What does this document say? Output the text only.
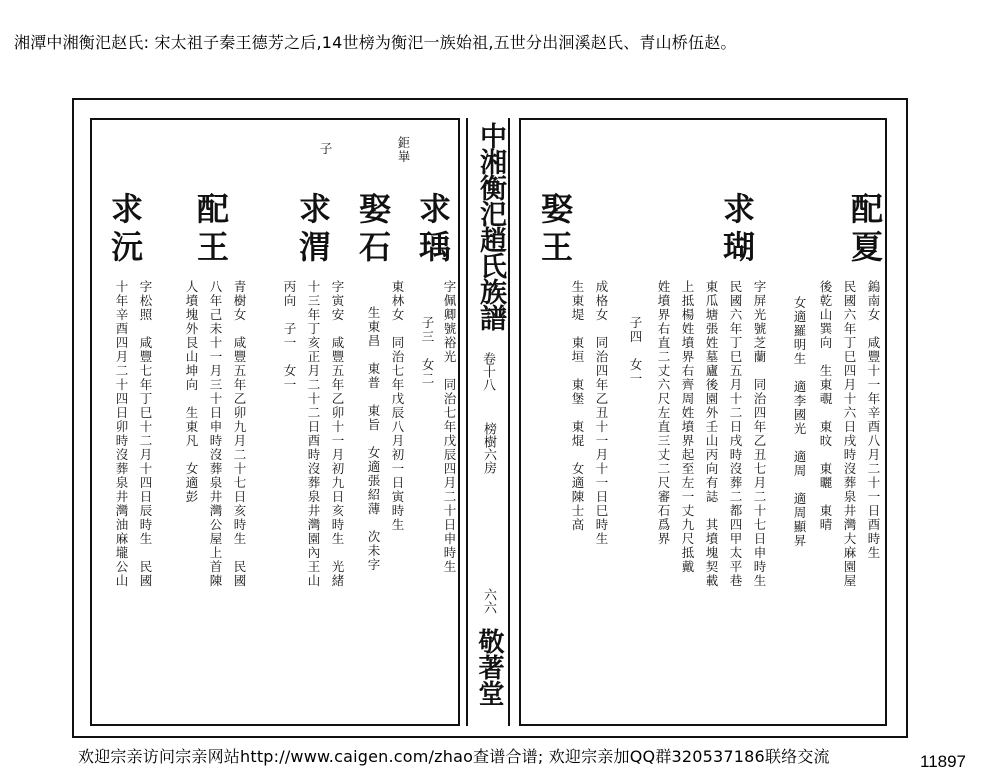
湘潭中湘衡汜赵氏: 宋太祖子秦王德芳之后,14世榜为衡汜一族始祖,五世分出洄溪赵氏、青山桥伍赵。
中湘衡汜趙氏族譜
卷十八
榜樹六房
六六
敬著堂
子	鉅崋
求瑀
娶石
求渭
配王
求沅
字佩卿號裕光　同治七年戊辰四月二十日申時生
子三　女二
東林女　同治七年戊辰八月初一日寅時生
生東昌　東普　東旨　女適張紹薄　次未字
字寅安　咸豐五年乙卯十一月初九日亥時生　光緒
十三年丁亥正月二十二日酉時沒葬泉井灣園內王山
丙向　子一　女一
青樹女　咸豐五年乙卯九月二十七日亥時生　民國
八年己未十一月三十日申時沒葬泉井灣公屋上首陳
人墳塊外艮山坤向　生東凡　女適彭
字松照　咸豐七年丁巳十二月十四日辰時生　民國
十年辛酉四月二十四日卯時沒葬泉井灣油麻壠公山
配夏
求瑚
娶王
鎢南女　咸豐十一年辛酉八月二十一日酉時生
民國六年丁巳四月十六日戌時沒葬泉井灣大麻園屋
後乾山巽向　生東覗　東旼　東曬　東晴
女適羅明生　適李國光　適周　適周顯昇
字屏光號芝蘭　同治四年乙丑七月二十七日申時生
民國六年丁巳五月十二日戌時沒葬二都四甲太平巷
東瓜塘張姓墓廬後園外壬山丙向有誌　其墳塊契載
上抵楊姓墳界右齊周姓墳界起至左一丈九尺抵戴
姓墳界右直二丈六尺左直三丈二尺審石爲界
子四　女一
成格女　同治四年乙丑十一月十一日巳時生
生東堤　東垣　東堡　東焜　女適陳士高
欢迎宗亲访问宗亲网站http://www.caigen.com/zhao查谱合谱; 欢迎宗亲加QQ群320537186联络交流	11897
